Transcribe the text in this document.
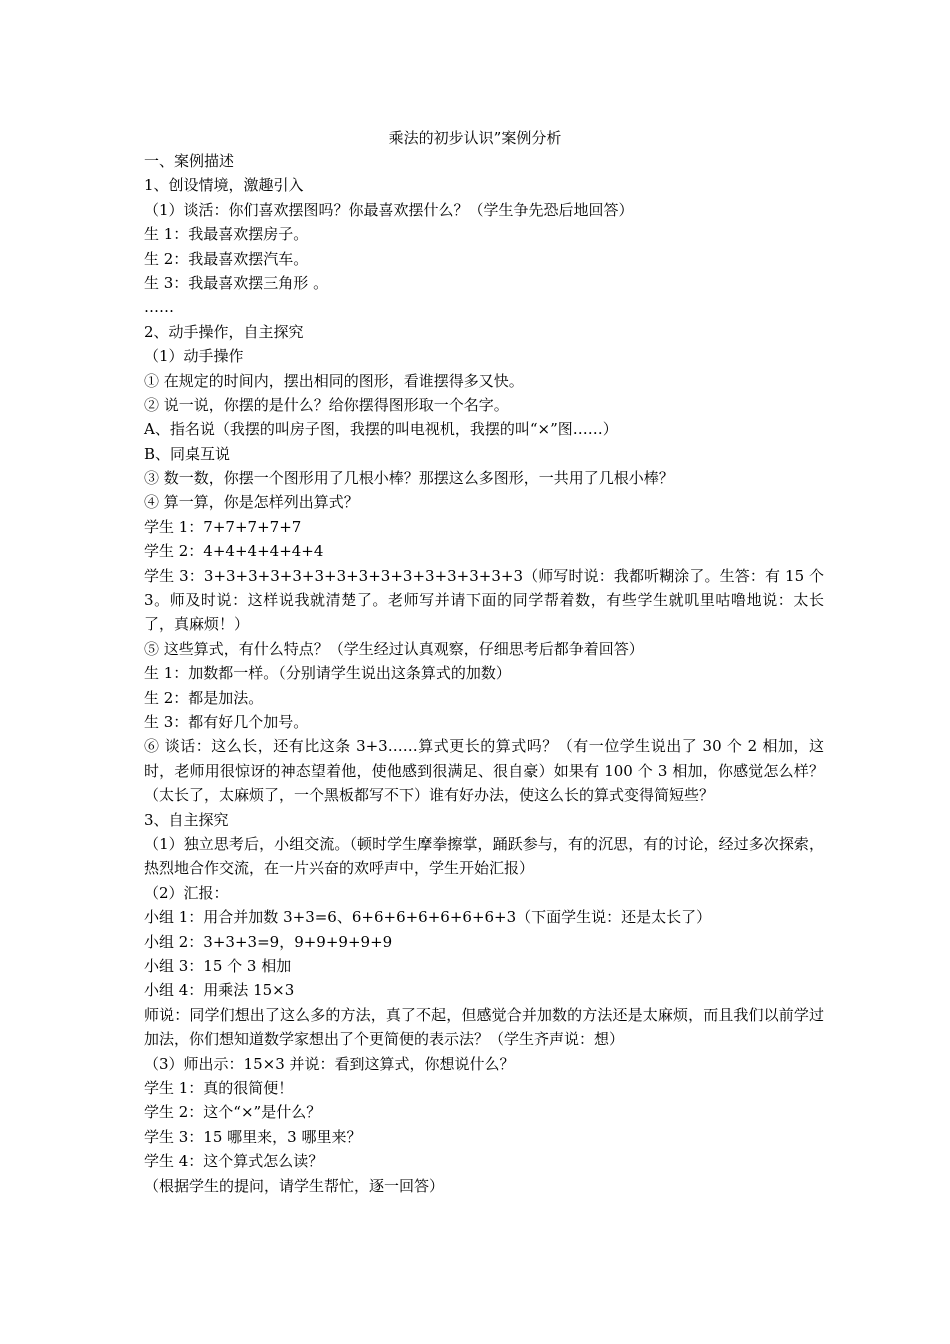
乘法的初步认识”案例分析
一、案例描述
1、创设情境，激趣引入
（1）谈活：你们喜欢摆图吗？你最喜欢摆什么？（学生争先恐后地回答）
生 1：我最喜欢摆房子。
生 2：我最喜欢摆汽车。
生 3：我最喜欢摆三角形 。
……
2、动手操作，自主探究
（1）动手操作
① 在规定的时间内，摆出相同的图形，看谁摆得多又快。
② 说一说，你摆的是什么？给你摆得图形取一个名字。
A、指名说（我摆的叫房子图，我摆的叫电视机，我摆的叫“×”图……）
B、同桌互说
③ 数一数，你摆一个图形用了几根小棒？那摆这么多图形，一共用了几根小棒？
④ 算一算，你是怎样列出算式？
学生 1：7+7+7+7+7
学生 2：4+4+4+4+4+4
学生 3：3+3+3+3+3+3+3+3+3+3+3+3+3+3+3（师写时说：我都听糊涂了。生答：有 15 个 3。师及时说：这样说我就清楚了。老师写并请下面的同学帮着数，有些学生就叽里咕噜地说：太长了，真麻烦！）
⑤ 这些算式，有什么特点？（学生经过认真观察，仔细思考后都争着回答）
生 1：加数都一样。（分别请学生说出这条算式的加数）
生 2：都是加法。
生 3：都有好几个加号。
⑥ 谈话：这么长，还有比这条 3+3……算式更长的算式吗？（有一位学生说出了 30 个 2 相加，这时，老师用很惊讶的神态望着他，使他感到很满足、很自豪）如果有 100 个 3 相加，你感觉怎么样？（太长了，太麻烦了，一个黑板都写不下）谁有好办法，使这么长的算式变得简短些？
3、自主探究
（1）独立思考后，小组交流。（顿时学生摩拳擦掌，踊跃参与，有的沉思，有的讨论，经过多次探索，热烈地合作交流，在一片兴奋的欢呼声中，学生开始汇报）
（2）汇报：
小组 1：用合并加数 3+3=6、6+6+6+6+6+6+6+3（下面学生说：还是太长了）
小组 2：3+3+3=9，9+9+9+9+9
小组 3：15 个 3 相加
小组 4：用乘法 15×3
师说：同学们想出了这么多的方法，真了不起，但感觉合并加数的方法还是太麻烦，而且我们以前学过加法，你们想知道数学家想出了个更简便的表示法？（学生齐声说：想）
（3）师出示：15×3 并说：看到这算式，你想说什么？
学生 1：真的很简便！
学生 2：这个“×”是什么？
学生 3：15 哪里来，3 哪里来？
学生 4：这个算式怎么读？
（根据学生的提问，请学生帮忙，逐一回答）
